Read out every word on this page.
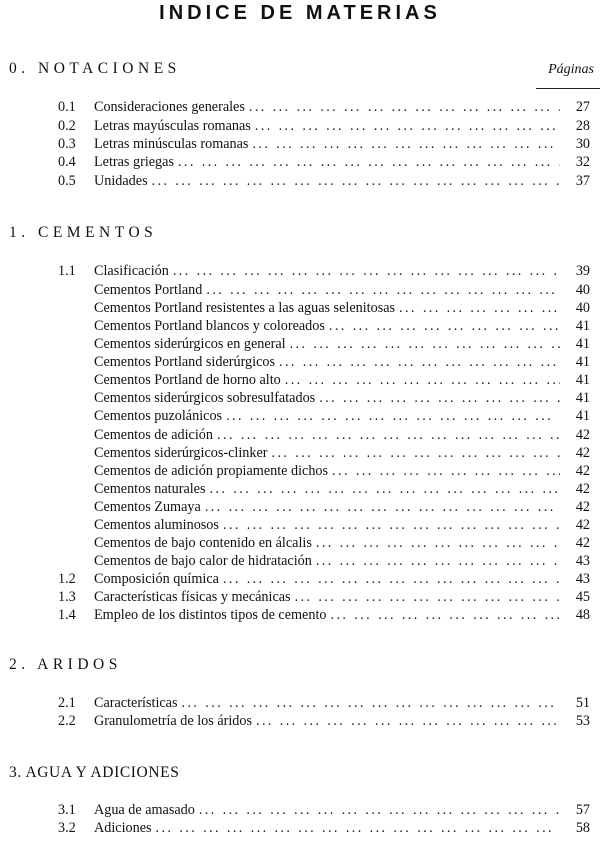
INDICE DE MATERIAS
Páginas
0. NOTACIONES
0.1	Consideraciones generales ... .	27
0.2	Letras mayúsculas romanas ... .	28
0.3	Letras minúsculas romanas ... .	30
0.4	Letras griegas ... .	32
0.5	Unidades ... .	37
1. CEMENTOS
1.1	Clasificación ... .	39
Cementos Portland ... .	40
Cementos Portland resistentes a las aguas selenitosas ... .	40
Cementos Portland blancos y coloreados ... .	41
Cementos siderúrgicos en general ... .	41
Cementos Portland siderúrgicos ... .	41
Cementos Portland de horno alto ... .	41
Cementos siderúrgicos sobresulfatados ... .	41
Cementos puzolánicos ... .	41
Cementos de adición ... .	42
Cementos siderúrgicos-clinker ... .	42
Cementos de adición propiamente dichos ... .	42
Cementos naturales ... .	42
Cementos Zumaya ... .	42
Cementos aluminosos ... .	42
Cementos de bajo contenido en álcalis ... .	42
Cementos de bajo calor de hidratación ... .	43
1.2	Composición química ... .	43
1.3	Características físicas y mecánicas ... .	45
1.4	Empleo de los distintos tipos de cemento ... .	48
2. ARIDOS
2.1	Características ... .	51
2.2	Granulometría de los áridos ... .	53
3. AGUA Y ADICIONES
3.1	Agua de amasado ... .	57
3.2	Adiciones ... .	58
